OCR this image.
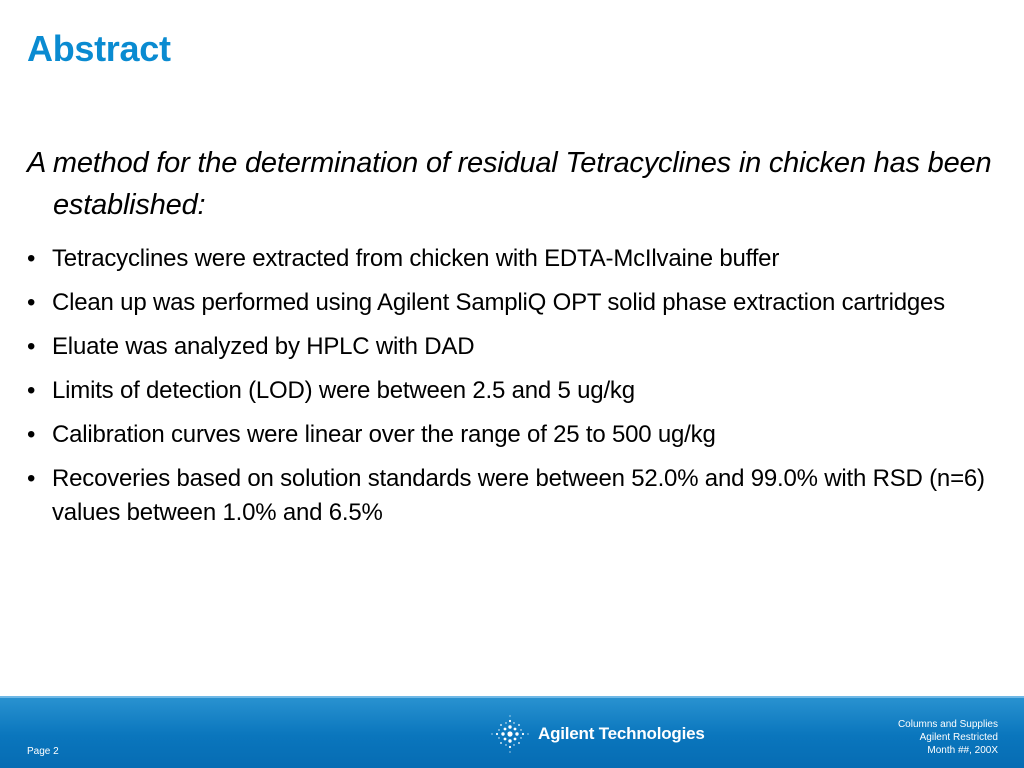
Abstract

A method for the determination of residual Tetracyclines in chicken has been established:

• Tetracyclines were extracted from chicken with EDTA-McIlvaine buffer
• Clean up was performed using Agilent SampliQ OPT solid phase extraction cartridges
• Eluate was analyzed by HPLC with DAD
• Limits of detection (LOD) were between 2.5 and 5 ug/kg
• Calibration curves were linear over the range of 25 to 500 ug/kg
• Recoveries based on solution standards were between 52.0% and 99.0% with RSD (n=6) values between 1.0% and 6.5%
Page 2
Agilent Technologies	Columns and Supplies
Agilent Restricted
Month ##, 200X
